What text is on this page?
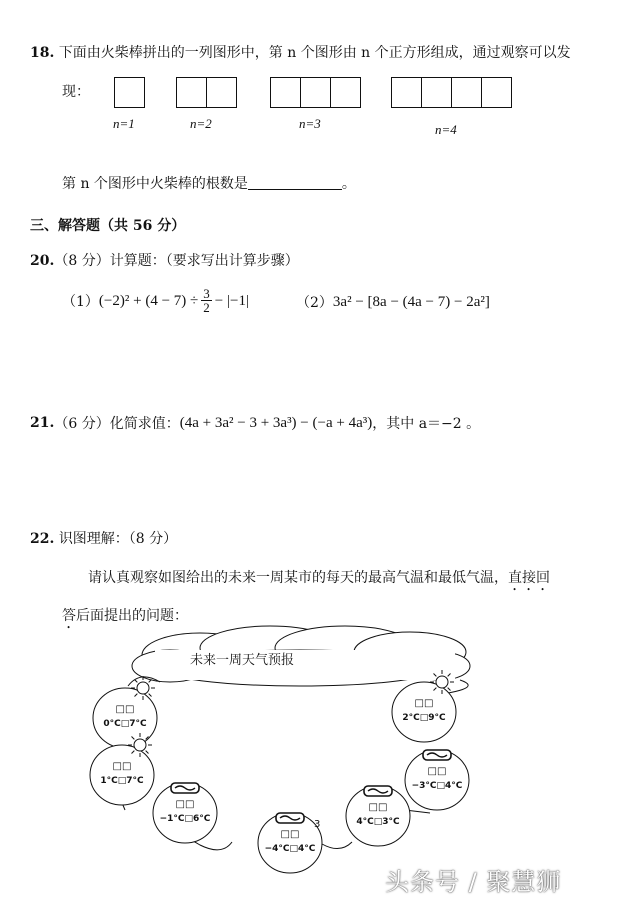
18. 下面由火柴棒拼出的一列图形中，第 n 个图形由 n 个正方形组成，通过观察可以发
现：
n=1	n=2	n=3	n=4
第 n 个图形中火柴棒的根数是	。
三、解答题（共 56 分）
20.（8 分）计算题：（要求写出计算步骤）
（1） $(-2)^2 + (4 - 7) \div \frac{3}{2} - |-1|$	（2） 3a² − [8a − (4a − 7) − 2a²]
21. （6 分）化简求值： (4a + 3a² − 3 + 3a³) − (−a + 4a³) ，其中 a＝−2 。
22. 识图理解：（8 分）
请认真观察如图给出的未来一周某市的每天的最高气温和最低气温，直接回
答后面提出的问题：
未来一周天气预报
□□
0°C□7°C
□□
2°C□9°C
□□
1°C□7°C
□□
−3°C□4°C
□□
−1°C□6°C
□□
4°C□3°C
□□
−4°C□4°C
3
头条号 / 聚慧狮
